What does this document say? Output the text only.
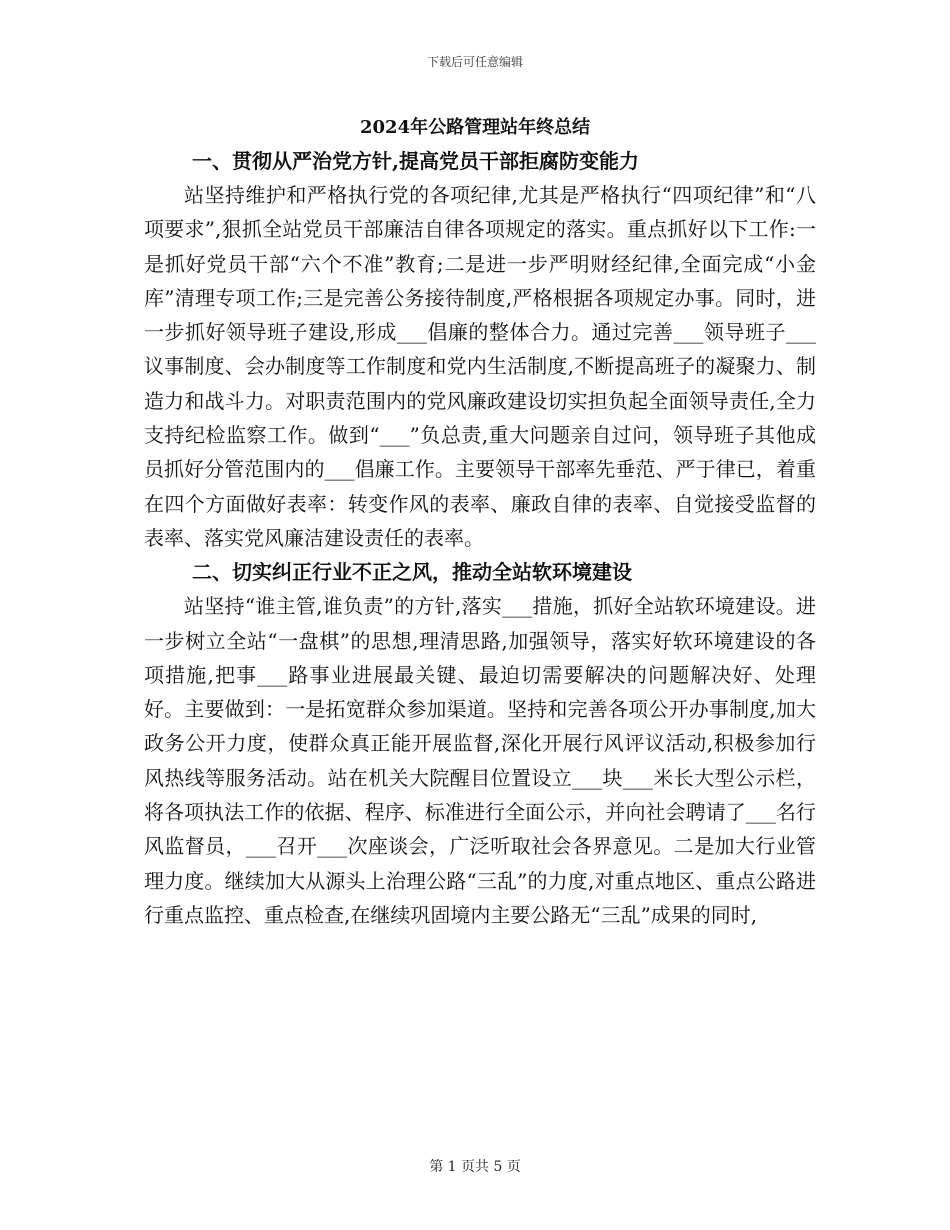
下载后可任意编辑
2024年公路管理站年终总结
一、贯彻从严治党方针,提高党员干部拒腐防变能力

站坚持维护和严格执行党的各项纪律,尤其是严格执行“四项纪律”和“八项要求”,狠抓全站党员干部廉洁自律各项规定的落实。重点抓好以下工作:一是抓好党员干部“六个不准”教育;二是进一步严明财经纪律,全面完成“小金库”清理专项工作;三是完善公务接待制度,严格根据各项规定办事。同时，进一步抓好领导班子建设,形成___倡廉的整体合力。通过完善___领导班子___议事制度、会办制度等工作制度和党内生活制度,不断提高班子的凝聚力、制造力和战斗力。对职责范围内的党风廉政建设切实担负起全面领导责任,全力支持纪检监察工作。做到“___”负总责,重大问题亲自过问，领导班子其他成员抓好分管范围内的___倡廉工作。主要领导干部率先垂范、严于律已，着重在四个方面做好表率：转变作风的表率、廉政自律的表率、自觉接受监督的表率、落实党风廉洁建设责任的表率。

二、切实纠正行业不正之风，推动全站软环境建设

站坚持“谁主管,谁负责”的方针,落实___措施，抓好全站软环境建设。进一步树立全站“一盘棋”的思想,理清思路,加强领导，落实好软环境建设的各项措施,把事___路事业进展最关键、最迫切需要解决的问题解决好、处理好。主要做到：一是拓宽群众参加渠道。坚持和完善各项公开办事制度,加大政务公开力度，使群众真正能开展监督,深化开展行风评议活动,积极参加行风热线等服务活动。站在机关大院醒目位置设立___块___米长大型公示栏，将各项执法工作的依据、程序、标准进行全面公示，并向社会聘请了___名行风监督员，___召开___次座谈会，广泛听取社会各界意见。二是加大行业管理力度。继续加大从源头上治理公路“三乱”的力度,对重点地区、重点公路进行重点监控、重点检查,在继续巩固境内主要公路无“三乱”成果的同时,

第 1 页共 5 页
